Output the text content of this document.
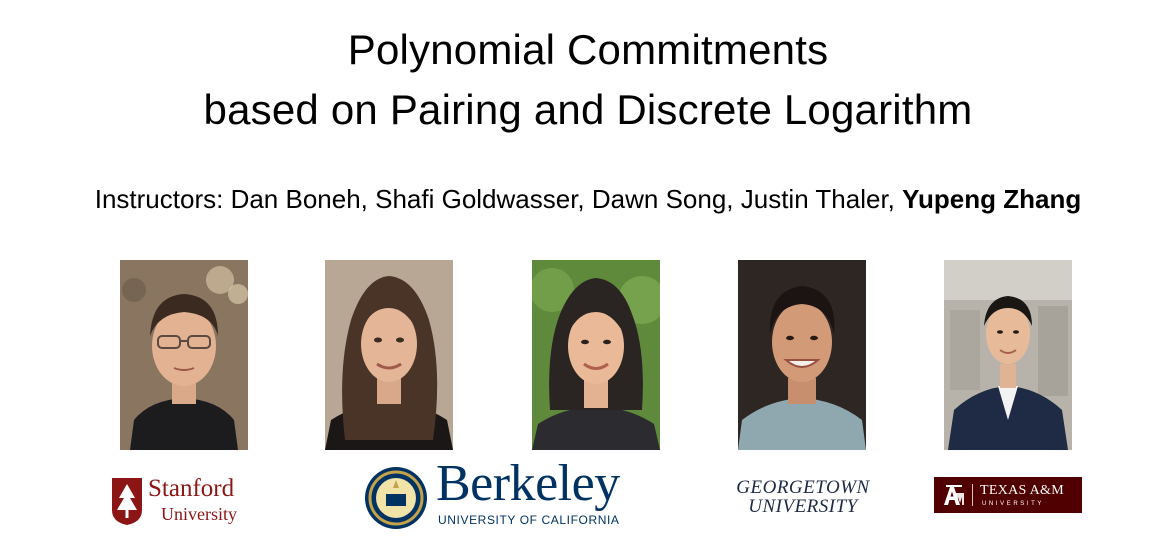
Polynomial Commitments
based on Pairing and Discrete Logarithm
Instructors: Dan Boneh, Shafi Goldwasser, Dawn Song, Justin Thaler, Yupeng Zhang
Stanford
University
Berkeley
UNIVERSITY OF CALIFORNIA
GEORGETOWN
UNIVERSITY
TEXAS A&M
UNIVERSITY
